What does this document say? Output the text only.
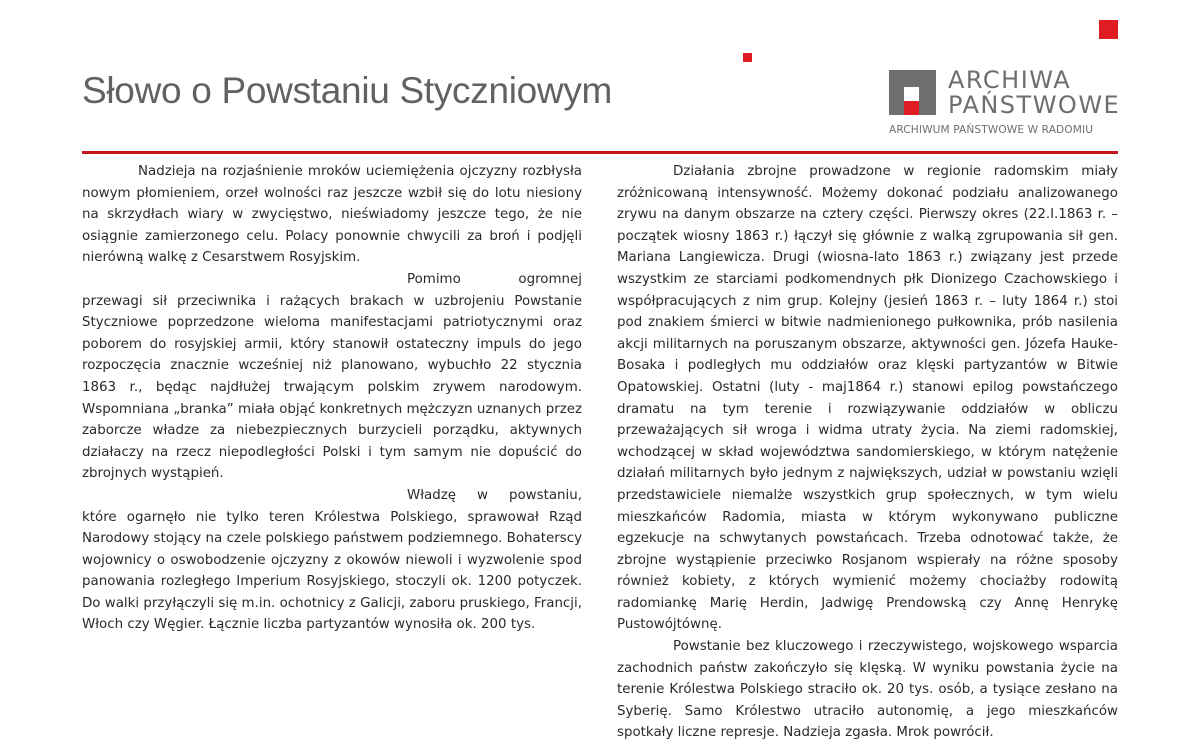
Słowo o Powstaniu Styczniowym	ARCHIWA
PAŃSTWOWE
ARCHIWUM PAŃSTWOWE W RADOMIU

Nadzieja na rozjaśnienie mroków uciemiężenia ojczyzny rozbłysła nowym płomieniem, orzeł wolności raz jeszcze wzbił się do lotu niesiony na skrzydłach wiary w zwycięstwo, nieświadomy jeszcze tego, że nie osiągnie zamierzonego celu. Polacy ponownie chwycili za broń i podjęli nierówną walkę z Cesarstwem Rosyjskim.

Pomimo ogromnej przewagi sił przeciwnika i rażących brakach w uzbrojeniu Powstanie Styczniowe poprzedzone wieloma manifestacjami patriotycznymi oraz poborem do rosyjskiej armii, który stanowił ostateczny impuls do jego rozpoczęcia znacznie wcześniej niż planowano, wybuchło 22 stycznia 1863 r., będąc najdłużej trwającym polskim zrywem narodowym. Wspomniana „branka” miała objąć konkretnych mężczyzn uznanych przez zaborcze władze za niebezpiecznych burzycieli porządku, aktywnych działaczy na rzecz niepodległości Polski i tym samym nie dopuścić do zbrojnych wystąpień.

Władzę w powstaniu, które ogarnęło nie tylko teren Królestwa Polskiego, sprawował Rząd Narodowy stojący na czele polskiego państwem podziemnego. Bohaterscy wojownicy o oswobodzenie ojczyzny z okowów niewoli i wyzwolenie spod panowania rozległego Imperium Rosyjskiego, stoczyli ok. 1200 potyczek. Do walki przyłączyli się m.in. ochotnicy z Galicji, zaboru pruskiego, Francji, Włoch czy Węgier. Łącznie liczba partyzantów wynosiła ok. 200 tys.

Działania zbrojne prowadzone w regionie radomskim miały zróżnicowaną intensywność. Możemy dokonać podziału analizowanego zrywu na danym obszarze na cztery części. Pierwszy okres (22.I.1863 r. – początek wiosny 1863 r.) łączył się głównie z walką zgrupowania sił gen. Mariana Langiewicza. Drugi (wiosna-lato 1863 r.) związany jest przede wszystkim ze starciami podkomendnych płk Dionizego Czachowskiego i współpracujących z nim grup. Kolejny (jesień 1863 r. – luty 1864 r.) stoi pod znakiem śmierci w bitwie nadmienionego pułkownika, prób nasilenia akcji militarnych na poruszanym obszarze, aktywności gen. Józefa Hauke-Bosaka i podległych mu oddziałów oraz klęski partyzantów w Bitwie Opatowskiej. Ostatni (luty - maj1864 r.) stanowi epilog powstańczego dramatu na tym terenie i rozwiązywanie oddziałów w obliczu przeważających sił wroga i widma utraty życia. Na ziemi radomskiej, wchodzącej w skład województwa sandomierskiego, w którym natężenie działań militarnych było jednym z największych, udział w powstaniu wzięli przedstawiciele niemalże wszystkich grup społecznych, w tym wielu mieszkańców Radomia, miasta w którym wykonywano publiczne egzekucje na schwytanych powstańcach. Trzeba odnotować także, że zbrojne wystąpienie przeciwko Rosjanom wspierały na różne sposoby również kobiety, z których wymienić możemy chociażby rodowitą radomiankę Marię Herdin, Jadwigę Prendowską czy Annę Henrykę Pustowójtównę.

Powstanie bez kluczowego i rzeczywistego, wojskowego wsparcia zachodnich państw zakończyło się klęską. W wyniku powstania życie na terenie Królestwa Polskiego straciło ok. 20 tys. osób, a tysiące zesłano na Syberię. Samo Królestwo utraciło autonomię, a jego mieszkańców spotkały liczne represje. Nadzieja zgasła. Mrok powrócił.
